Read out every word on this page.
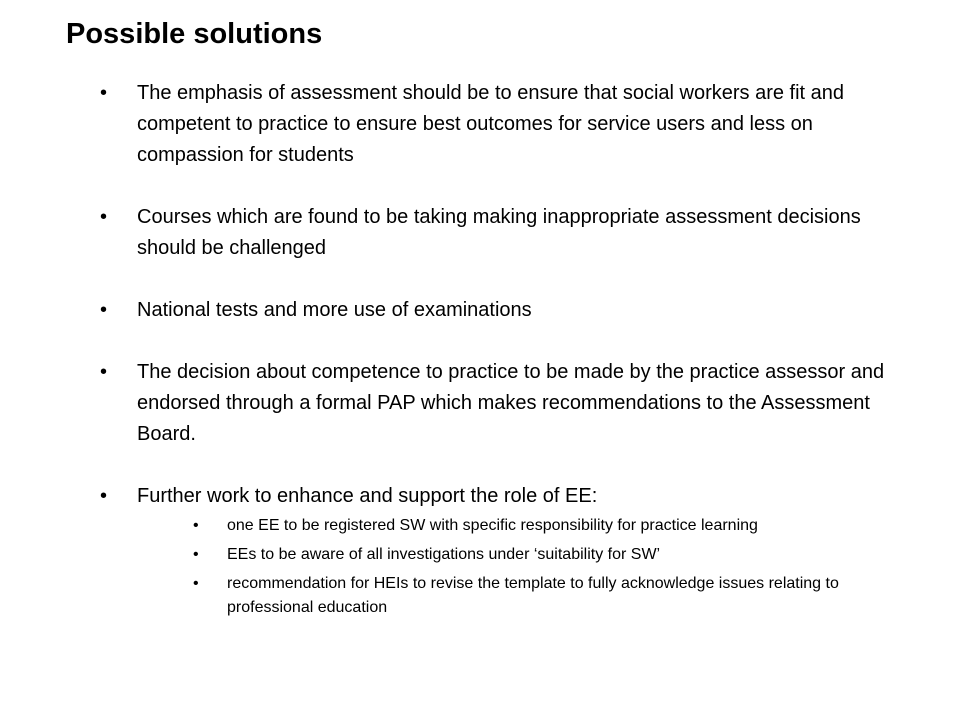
Possible solutions
• The emphasis of assessment should be to ensure that social workers are fit and competent to practice to ensure best outcomes for service users and less on compassion for students
• Courses which are found to be taking making inappropriate assessment decisions should be challenged
• National tests and more use of examinations
• The decision about competence to practice to be made by the practice assessor and endorsed through a formal PAP which makes recommendations to the Assessment Board.
• Further work to enhance and support the role of EE:
• one EE to be registered SW with specific responsibility for practice learning
• EEs to be aware of all investigations under ‘suitability for SW’
• recommendation for HEIs to revise the template to fully acknowledge issues relating to professional education
